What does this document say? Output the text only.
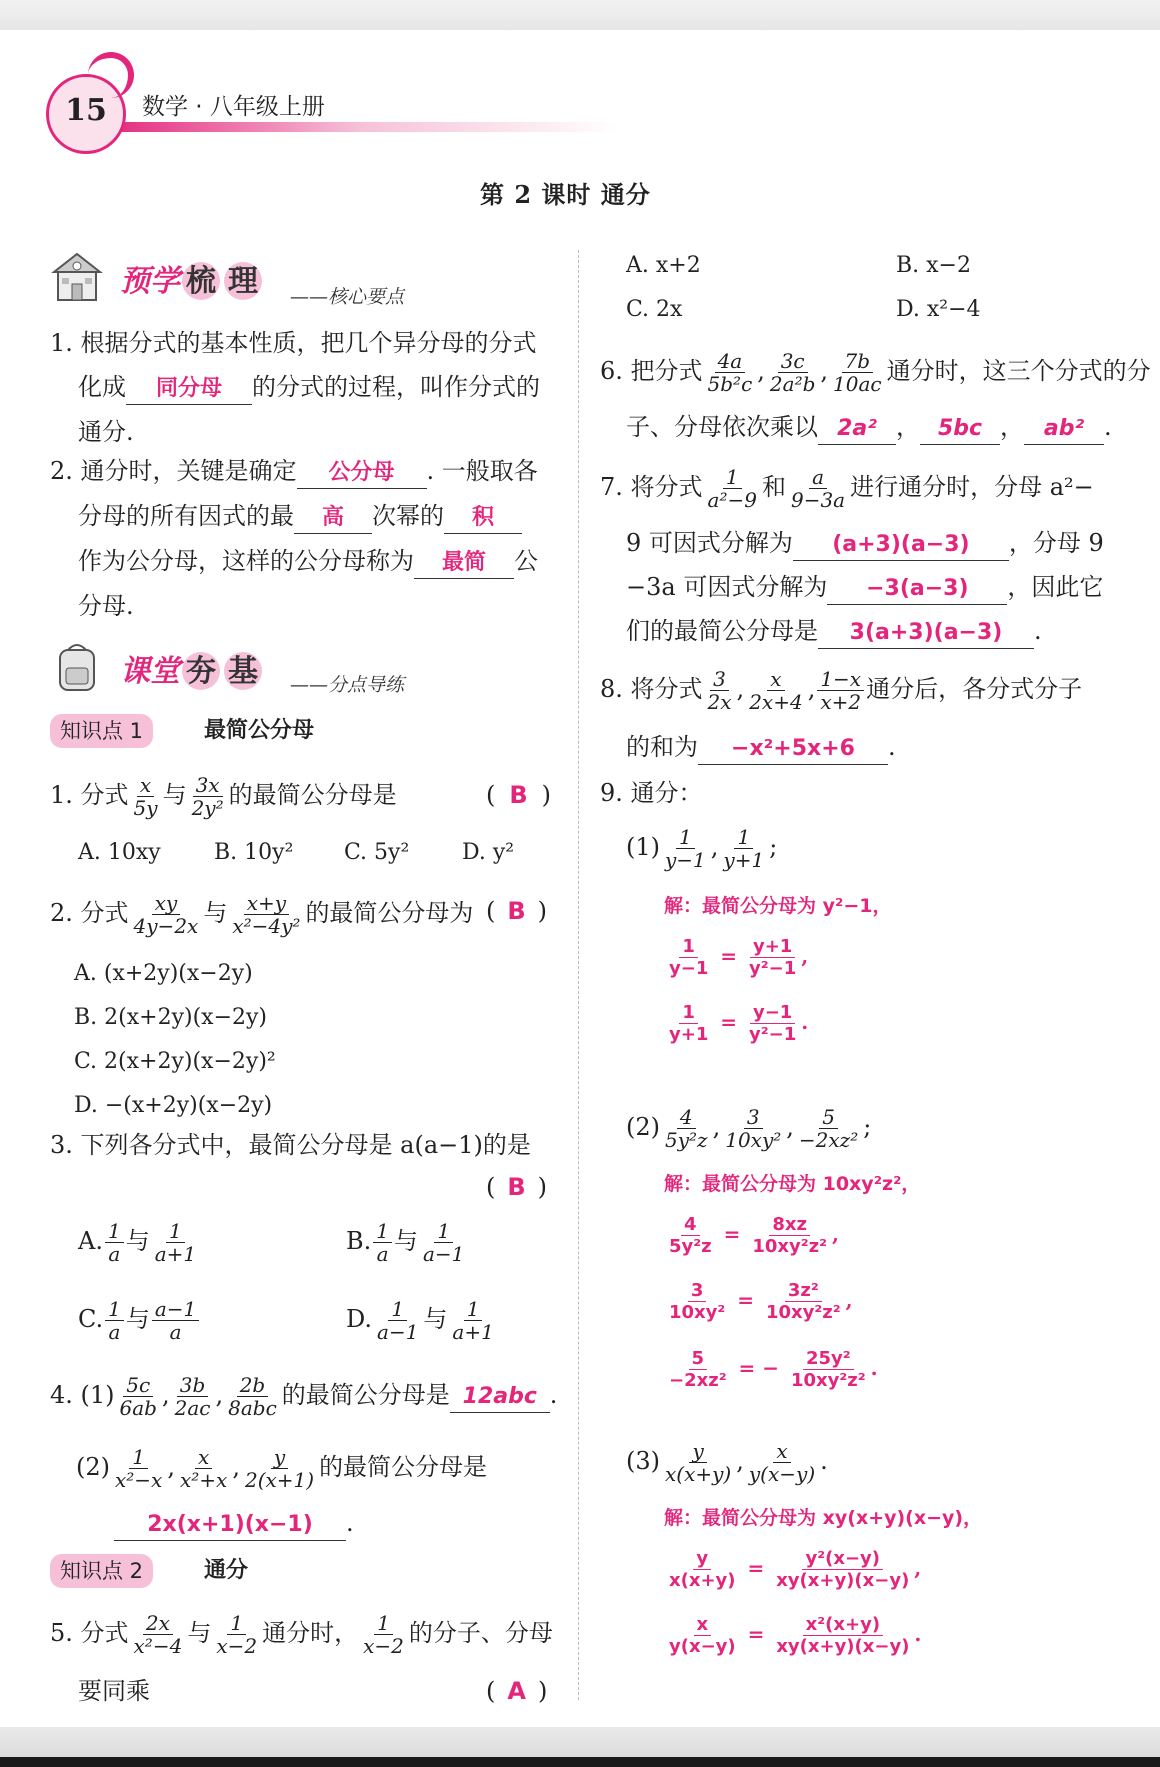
15	数学 · 八年级上册
第 2 课时 通分
预学 梳 理	——核心要点
1. 根据分式的基本性质，把几个异分母的分式
化成 同分母 的分式的过程，叫作分式的
通分.
2. 通分时，关键是确定 公分母 . 一般取各
分母的所有因式的最 高 次幂的 积
作为公分母，这样的公分母称为 最简 公
分母.
课堂 夯 基	——分点导练
知识点 1	最简公分母
1. 分式 $\frac{x}{5y}$ 与 $\frac{3x}{\text{2y²}}$ 的最简公分母是	( B )
A. 10xy B. 10y² C. 5y² D. y²
2. 分式 $\frac{xy}{4y-2x}$ 与 $\frac{x+y}{\text{x²−4y²}}$ 的最简公分母为 ( B )
A. (x+2y)(x−2y)
B. 2(x+2y)(x−2y)
C. 2(x+2y)(x−2y)²
D. −(x+2y)(x−2y)
3. 下列各分式中，最简公分母是 a(a−1)的是
( B )
A. $\frac{1}{a}$ 与 $\frac{1}{a+1}$	B. $\frac{1}{a}$ 与 $\frac{1}{a-1}$
C. $\frac{1}{a}$ 与 $\frac{a-1}{a}$	D. $\frac{1}{a-1}$ 与 $\frac{1}{a+1}$
4. $(1) \frac{5c}{6ab}$ , $\frac{3b}{2ac}$ , $\frac{2b}{\text{8abc}}$ 的最简公分母是 12abc .
$(2) \frac{1}{\text{x²−x}}$ , $\frac{x}{\text{x²+x}}$ , $\frac{y}{2(x+1)}$ 的最简公分母是
2x(x+1)(x−1) .
知识点 2	通分
5. 分式 $\frac{2x}{\text{x²−4}}$ 与 $\frac{1}{x-2}$ 通分时， $\frac{1}{x-2}$ 的分子、分母
要同乘	( A )
A. x+2	B. x−2
C. 2x	D. x²−4
6. 把分式 $\frac{4a}{\text{5b²c}}$ , $\frac{3c}{\text{2a²b}}$ , $\frac{7b}{10ac}$ 通分时，这三个分式的分
子、分母依次乘以 2a² ， 5bc ， ab² .
7. 将分式 $\frac{1}{\text{a²−9}}$ 和 $\frac{a}{9-3a}$ 进行通分时，分母 a²−
9 可因式分解为 (a+3)(a−3) ，分母 9
−3a 可因式分解为 −3(a−3) ，因此它
们的最简公分母是 3(a+3)(a−3) .
8. 将分式 $\frac{3}{2x}$ , $\frac{x}{2x+4}$ , $\frac{1-x}{x+2}$ 通分后，各分式分子
的和为 −x²+5x+6 .
9. 通分：
$(1) \frac{1}{y-1}$ , $\frac{1}{y+1}$ ;
解：最简公分母为 y²−1，
$\frac{1}{y-1} = \frac{y+1}{\text{y²−1}}$ ,
$\frac{1}{y+1} = \frac{y-1}{\text{y²−1}}$ .
$(2) \frac{4}{\text{5y²z}}$ , $\frac{3}{\text{10xy²}}$ , $\frac{5}{\text{−2xz²}}$ ;
解：最简公分母为 10xy²z²，
$\frac{4}{\text{5y²z}} = \frac{8xz}{\text{10xy²z²}}$ ,
$\frac{3}{\text{10xy²}} = \frac{\text{3z²}}{\text{10xy²z²}}$ ,
$\frac{5}{\text{−2xz²}}$ = − $\frac{\text{25y²}}{\text{10xy²z²}}$ .
$(3) \frac{y}{x(x+y)}$ , $\frac{x}{y(x-y)}$ .
解：最简公分母为 xy(x+y)(x−y)，
$\frac{y}{x(x+y)} = \frac{\text{y²(x−y)}}{xy(x+y)(x-y)}$ ,
$\frac{x}{y(x-y)} = \frac{\text{x²(x+y)}}{xy(x+y)(x-y)}$ .
